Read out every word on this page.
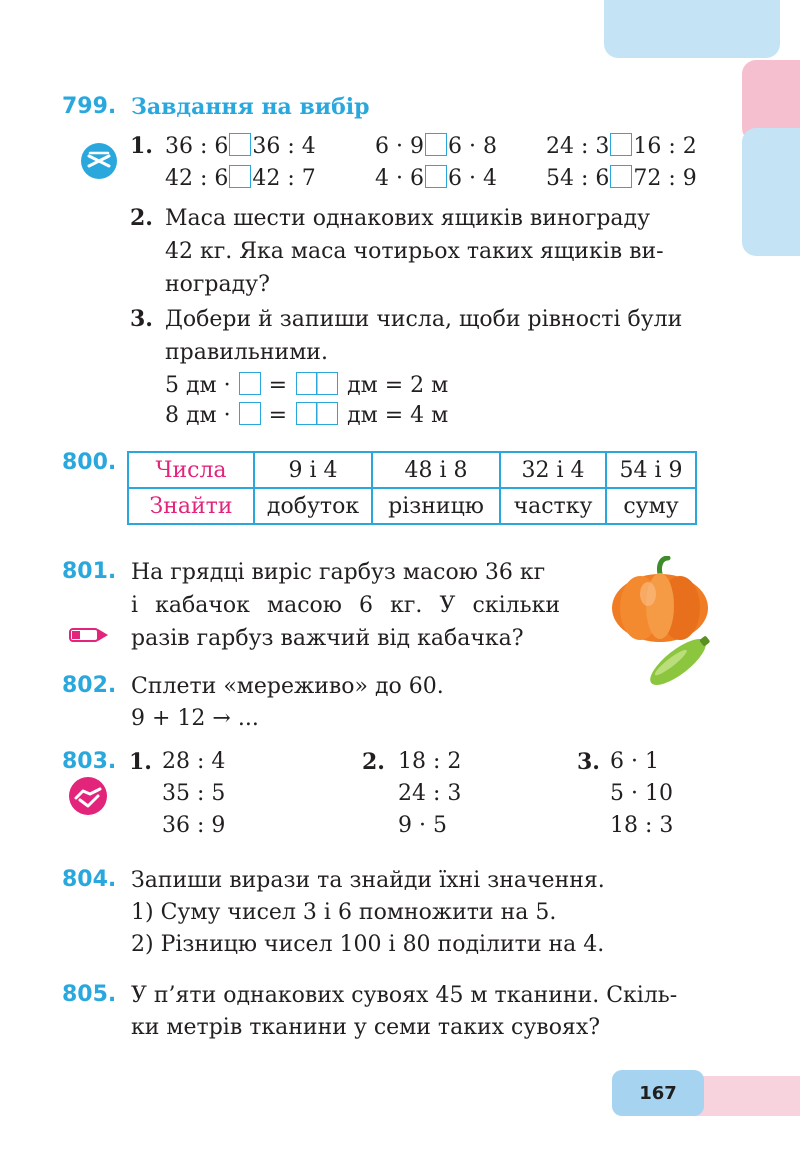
799. Завдання на вибір
1. 36 : 6 36 : 4	6 · 9 6 · 8 24 : 3 16 : 2
42 : 6 42 : 7	4 · 6 6 · 4 54 : 6 72 : 9
2. Маса шести однакових ящиків винограду
42 кг. Яка маса чотирьох таких ящиків ви-
нограду?
3. Добери й запиши числа, щоби рівності були
правильними.
5 дм · =	дм = 2 м
8 дм · =	дм = 4 м
800. Числа	9 і 4	48 і 8	32 і 4	54 і 9
Знайти	добуток	різницю	частку	суму
801. На грядці виріс гарбуз масою 36 кг
і кабачок масою 6 кг. У скільки
разів гарбуз важчий від кабачка?
802. Сплети «мереживо» до 60.
9 + 12 → ...
803. 1. 28 : 4
35 : 5
36 : 9
2. 18 : 2
24 : 3
9 · 5
3. 6 · 1
5 · 10
18 : 3
804. Запиши вирази та знайди їхні значення.
1) Суму чисел 3 і 6 помножити на 5.
2) Різницю чисел 100 і 80 поділити на 4.
805. У п’яти однакових сувоях 45 м тканини. Скіль-
ки метрів тканини у семи таких сувоях?
167
